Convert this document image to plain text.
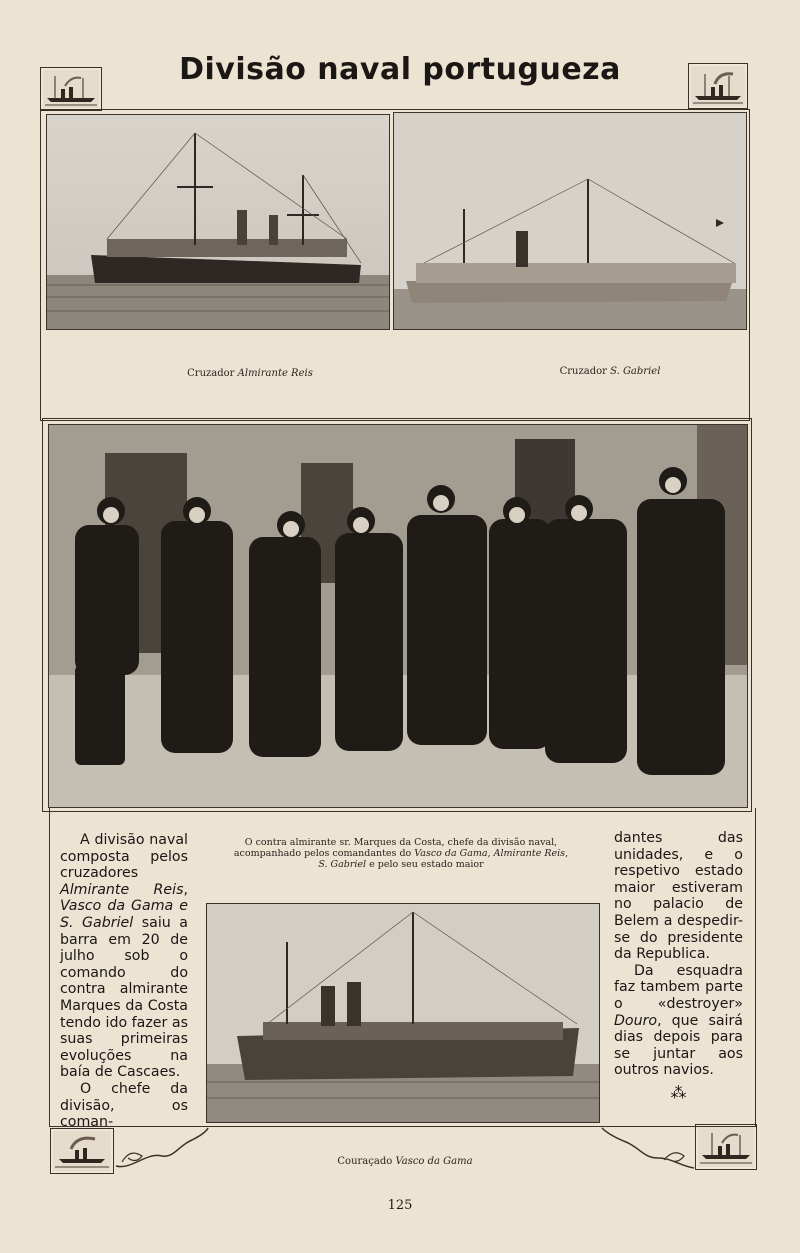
Divisão naval portugueza
Cruzador Almirante Reis	Cruzador S. Gabriel
O contra almirante sr. Marques da Costa, chefe da divisão naval,
acompanhado pelos comandantes do Vasco da Gama, Almirante Reis,
S. Gabriel e pelo seu estado maior

A divisão naval composta pelos cruzadores Almirante Reis, Vasco da Gama e S. Gabriel saiu a barra em 20 de julho sob o comando do contra almirante Marques da Costa tendo ido fazer as suas primeiras evoluções na baía de Cascaes.

O chefe da divisão, os coman-

Couraçado Vasco da Gama

dantes das unidades, e o respetivo estado maior estiveram no palacio de Belem a despedir-se do presidente da Republica.

Da esquadra faz tambem parte o «destroyer» Douro, que sairá dias depois para se juntar aos outros navios.

⁂
125
